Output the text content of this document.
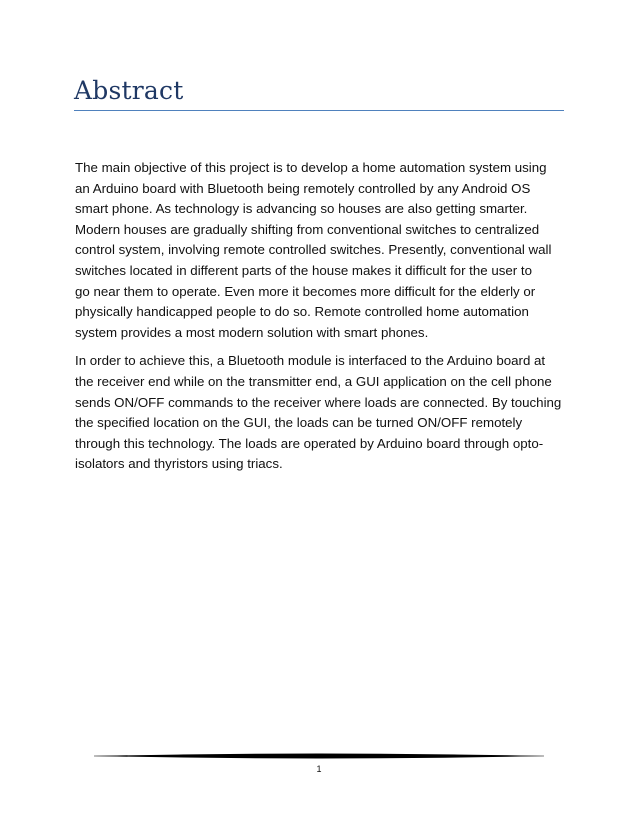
Abstract

The main objective of this project is to develop a home automation system using
an Arduino board with Bluetooth being remotely controlled by any Android OS
smart phone. As technology is advancing so houses are also getting smarter.
Modern houses are gradually shifting from conventional switches to centralized
control system, involving remote controlled switches. Presently, conventional wall
switches located in different parts of the house makes it difficult for the user to
go near them to operate. Even more it becomes more difficult for the elderly or
physically handicapped people to do so. Remote controlled home automation
system provides a most modern solution with smart phones.

In order to achieve this, a Bluetooth module is interfaced to the Arduino board at
the receiver end while on the transmitter end, a GUI application on the cell phone
sends ON/OFF commands to the receiver where loads are connected. By touching
the specified location on the GUI, the loads can be turned ON/OFF remotely
through this technology. The loads are operated by Arduino board through opto-
isolators and thyristors using triacs.

1
